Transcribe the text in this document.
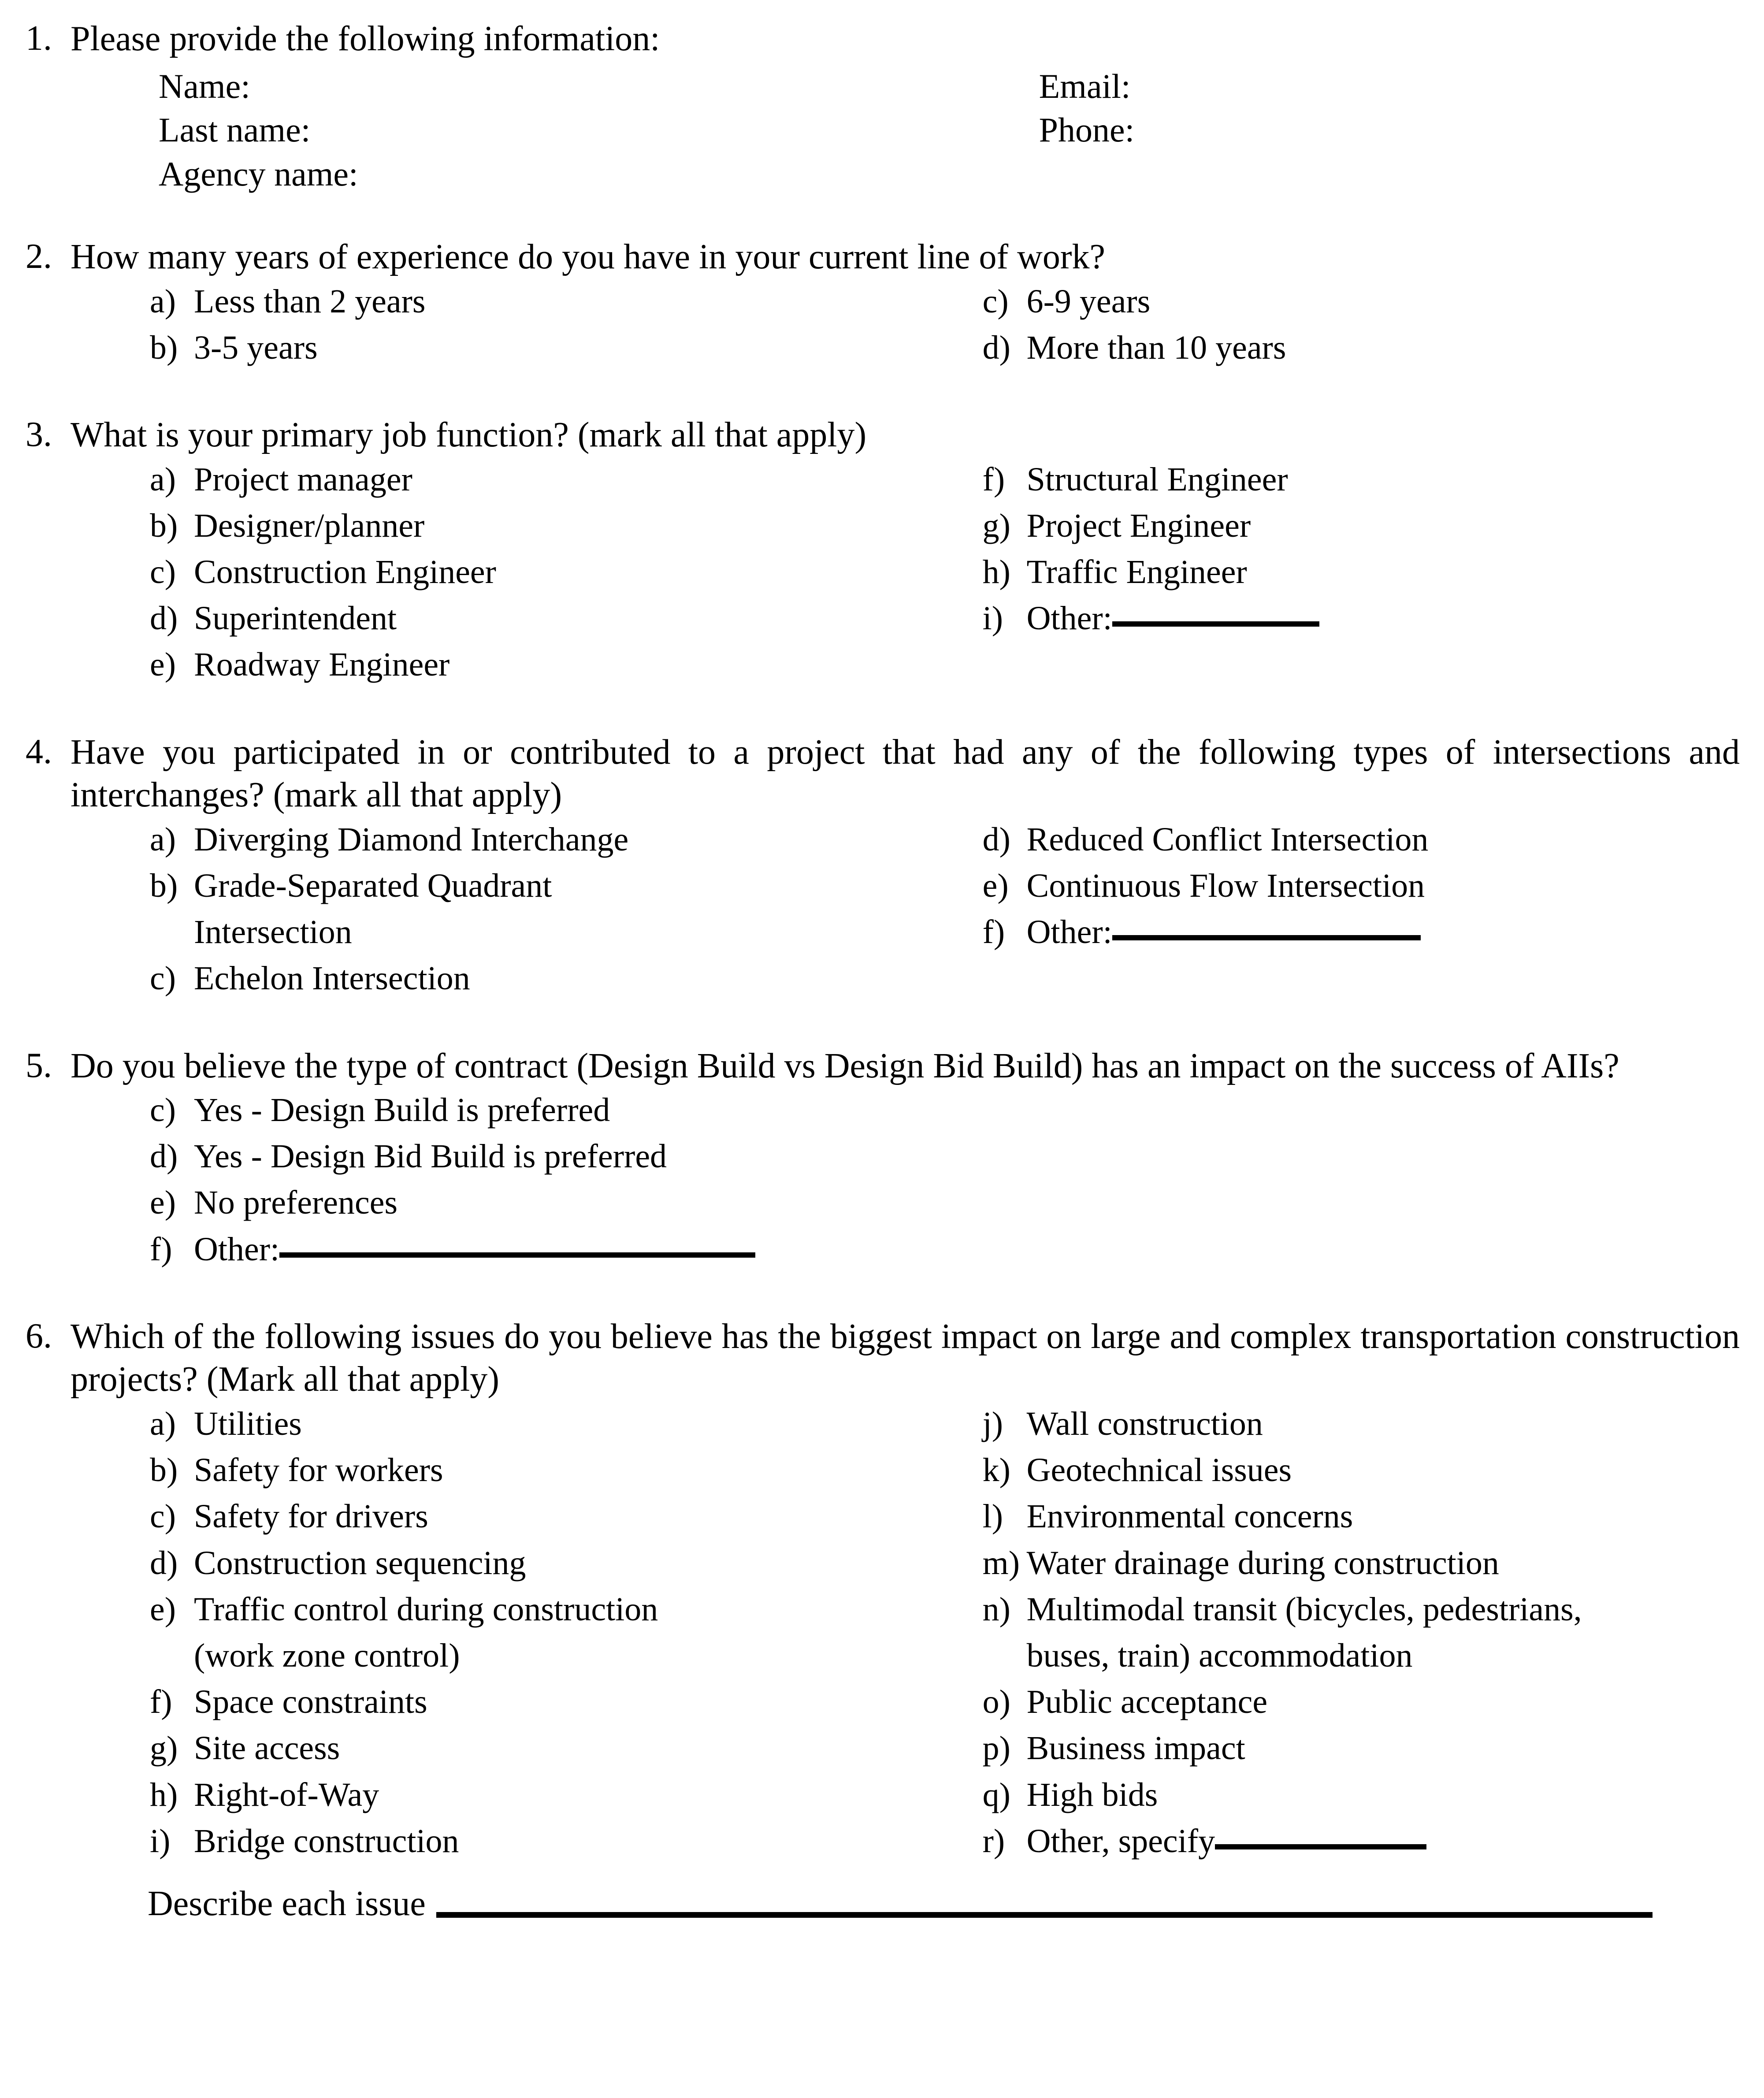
1. Please provide the following information:
Name:
Last name:
Agency name:
Email:
Phone:
2. How many years of experience do you have in your current line of work?
a) Less than 2 years
b) 3-5 years
c) 6-9 years
d) More than 10 years
3. What is your primary job function? (mark all that apply)
a) Project manager
b) Designer/planner
c) Construction Engineer
d) Superintendent
e) Roadway Engineer
f) Structural Engineer
g) Project Engineer
h) Traffic Engineer
i) Other:
4. Have you participated in or contributed to a project that had any of the following types of intersections and interchanges? (mark all that apply)
a) Diverging Diamond Interchange
b) Grade-Separated Quadrant
Intersection
c) Echelon Intersection
d) Reduced Conflict Intersection
e) Continuous Flow Intersection
f) Other:
5. Do you believe the type of contract (Design Build vs Design Bid Build) has an impact on the success of AIIs?
c) Yes - Design Build is preferred
d) Yes - Design Bid Build is preferred
e) No preferences
f) Other:
6. Which of the following issues do you believe has the biggest impact on large and complex transportation construction projects? (Mark all that apply)
a) Utilities
b) Safety for workers
c) Safety for drivers
d) Construction sequencing
e) Traffic control during construction
(work zone control)
f) Space constraints
g) Site access
h) Right-of-Way
i) Bridge construction
j) Wall construction
k) Geotechnical issues
l) Environmental concerns
m) Water drainage during construction
n) Multimodal transit (bicycles, pedestrians,
buses, train) accommodation
o) Public acceptance
p) Business impact
q) High bids
r) Other, specify
Describe each issue
